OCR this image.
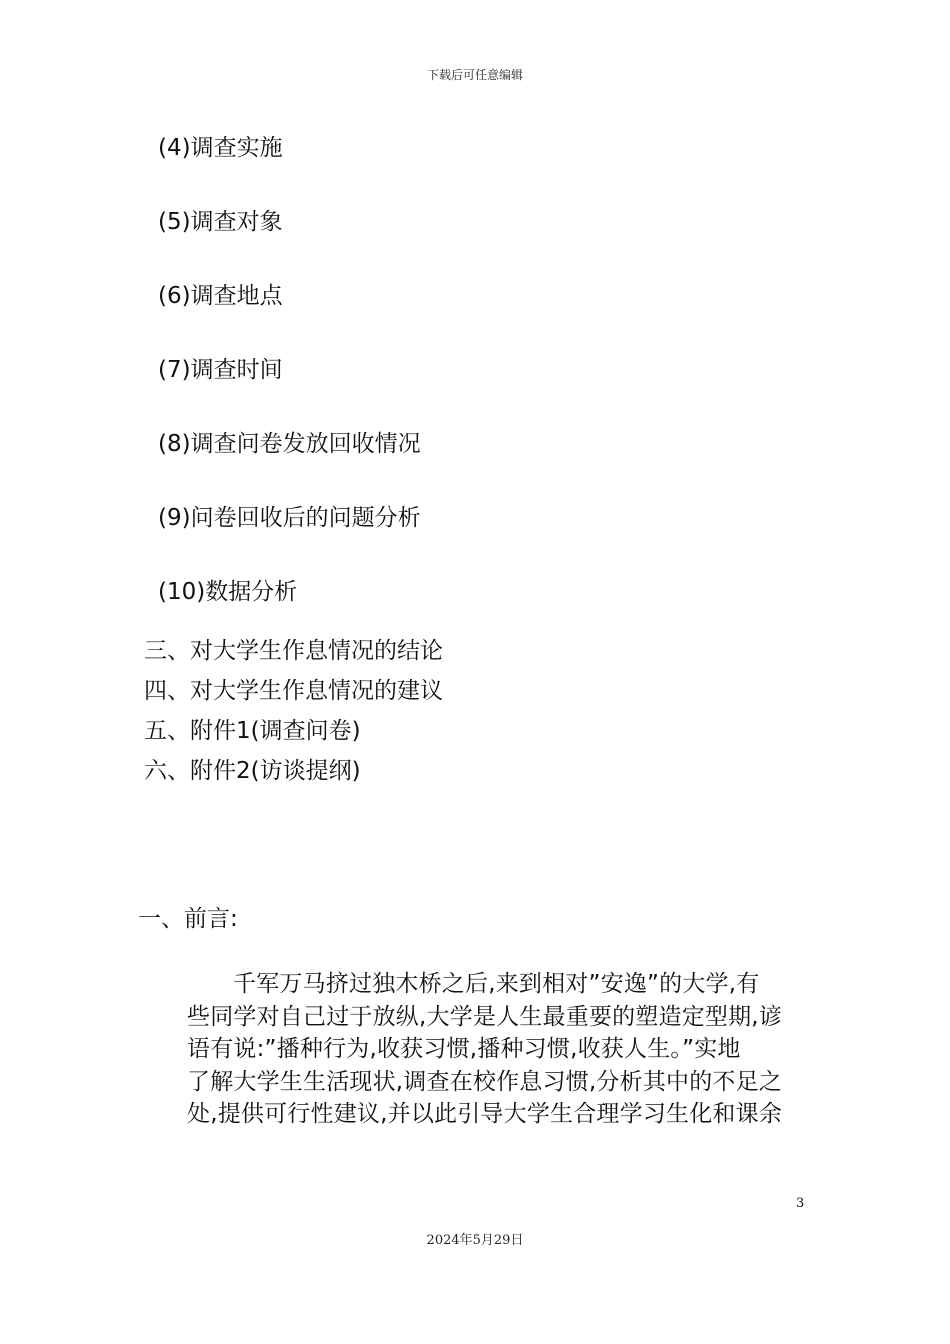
下载后可任意编辑
(4)调查实施
(5)调查对象
(6)调查地点
(7)调查时间
(8)调查问卷发放回收情况
(9)问卷回收后的问题分析
(10)数据分析
三、对大学生作息情况的结论
四、对大学生作息情况的建议
五、附件1(调查问卷)
六、附件2(访谈提纲)
一、前言:
千军万马挤过独木桥之后,来到相对”安逸”的大学,有
些同学对自己过于放纵,大学是人生最重要的塑造定型期,谚
语有说:”播种行为,收获习惯,播种习惯,收获人生。”实地
了解大学生生活现状,调查在校作息习惯,分析其中的不足之
处,提供可行性建议,并以此引导大学生合理学习生化和课余
3
2024年5月29日
